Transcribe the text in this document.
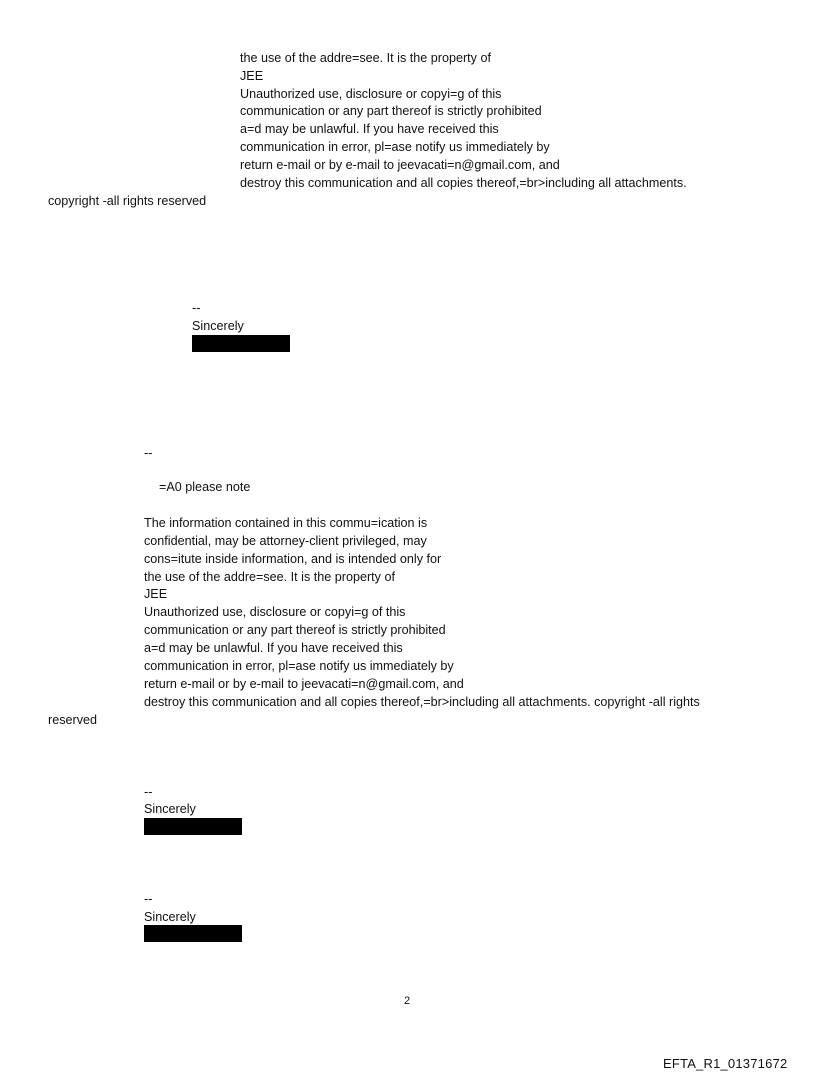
the use of the addre=see. It is the property of
JEE
Unauthorized use, disclosure or copyi=g of this
communication or any part thereof is strictly prohibited
a=d may be unlawful. If you have received this
communication in error, pl=ase notify us immediately by
return e-mail or by e-mail to jeevacati=n@gmail.com, and
destroy this communication and all copies thereof,=br>including all attachments.
copyright -all rights reserved
--
Sincerely
--
=A0 please note
The information contained in this commu=ication is
confidential, may be attorney-client privileged, may
cons=itute inside information, and is intended only for
the use of the addre=see. It is the property of
JEE
Unauthorized use, disclosure or copyi=g of this
communication or any part thereof is strictly prohibited
a=d may be unlawful. If you have received this
communication in error, pl=ase notify us immediately by
return e-mail or by e-mail to jeevacati=n@gmail.com, and
destroy this communication and all copies thereof,=br>including all attachments. copyright -all rights
reserved
--
Sincerely
--
Sincerely
2
EFTA_R1_01371672
